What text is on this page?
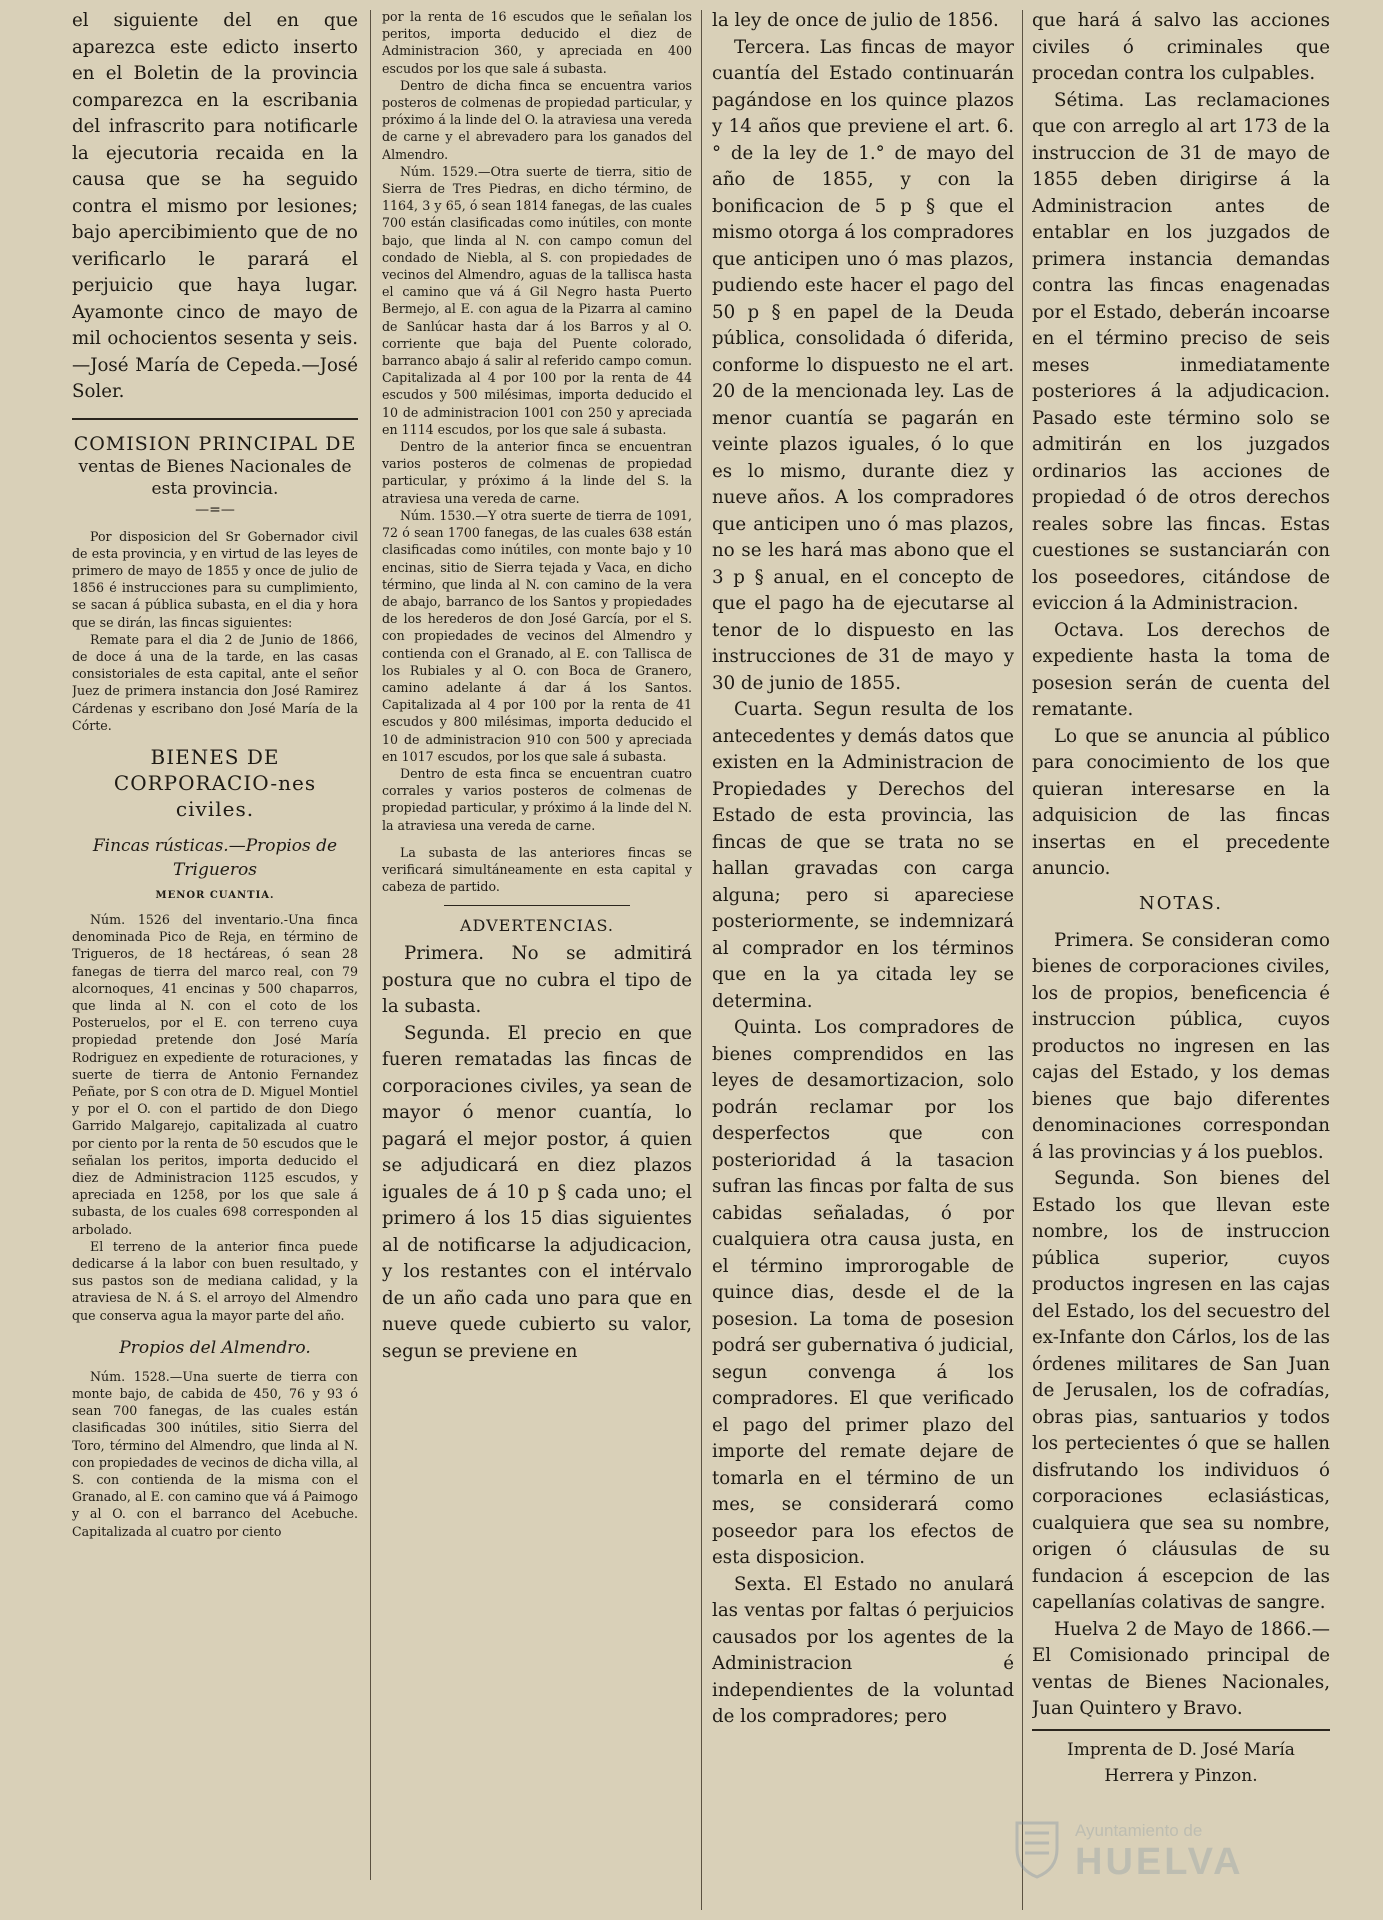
el siguiente del en que aparezca este edicto inserto en el Boletin de la provincia comparezca en la escribania del infrascrito para notificarle la ejecutoria recaida en la causa que se ha seguido contra el mismo por lesiones; bajo apercibimiento que de no verificarlo le parará el perjuicio que haya lugar. Ayamonte cinco de mayo de mil ochocientos sesenta y seis.—José María de Cepeda.—José Soler.

COMISION PRINCIPAL DE
ventas de Bienes Nacionales de esta provincia.
—=—

Por disposicion del Sr Gobernador civil de esta provincia, y en virtud de las leyes de primero de mayo de 1855 y once de julio de 1856 é instrucciones para su cumplimiento, se sacan á pública subasta, en el dia y hora que se dirán, las fincas siguientes:

Remate para el dia 2 de Junio de 1866, de doce á una de la tarde, en las casas consistoriales de esta capital, ante el señor Juez de primera instancia don José Ramirez Cárdenas y escribano don José María de la Córte.

BIENES DE CORPORACIO-nes civiles.
Fincas rústicas.—Propios de Trigueros
MENOR CUANTIA.

Núm. 1526 del inventario.-Una finca denominada Pico de Reja, en término de Trigueros, de 18 hectáreas, ó sean 28 fanegas de tierra del marco real, con 79 alcornoques, 41 encinas y 500 chaparros, que linda al N. con el coto de los Posteruelos, por el E. con terreno cuya propiedad pretende don José María Rodriguez en expediente de roturaciones, y suerte de tierra de Antonio Fernandez Peñate, por S con otra de D. Miguel Montiel y por el O. con el partido de don Diego Garrido Malgarejo, capitalizada al cuatro por ciento por la renta de 50 escudos que le señalan los peritos, importa deducido el diez de Administracion 1125 escudos, y apreciada en 1258, por los que sale á subasta, de los cuales 698 corresponden al arbolado.

El terreno de la anterior finca puede dedicarse á la labor con buen resultado, y sus pastos son de mediana calidad, y la atraviesa de N. á S. el arroyo del Almendro que conserva agua la mayor parte del año.

Propios del Almendro.

Núm. 1528.—Una suerte de tierra con monte bajo, de cabida de 450, 76 y 93 ó sean 700 fanegas, de las cuales están clasificadas 300 inútiles, sitio Sierra del Toro, término del Almendro, que linda al N. con propiedades de vecinos de dicha villa, al S. con contienda de la misma con el Granado, al E. con camino que vá á Paimogo y al O. con el barranco del Acebuche. Capitalizada al cuatro por ciento

por la renta de 16 escudos que le señalan los peritos, importa deducido el diez de Administracion 360, y apreciada en 400 escudos por los que sale á subasta.

Dentro de dicha finca se encuentra varios posteros de colmenas de propiedad particular, y próximo á la linde del O. la atraviesa una vereda de carne y el abrevadero para los ganados del Almendro.

Núm. 1529.—Otra suerte de tierra, sitio de Sierra de Tres Piedras, en dicho término, de 1164, 3 y 65, ó sean 1814 fanegas, de las cuales 700 están clasificadas como inútiles, con monte bajo, que linda al N. con campo comun del condado de Niebla, al S. con propiedades de vecinos del Almendro, aguas de la tallisca hasta el camino que vá á Gil Negro hasta Puerto Bermejo, al E. con agua de la Pizarra al camino de Sanlúcar hasta dar á los Barros y al O. corriente que baja del Puente colorado, barranco abajo á salir al referido campo comun. Capitalizada al 4 por 100 por la renta de 44 escudos y 500 milésimas, importa deducido el 10 de administracion 1001 con 250 y apreciada en 1114 escudos, por los que sale á subasta.

Dentro de la anterior finca se encuentran varios posteros de colmenas de propiedad particular, y próximo á la linde del S. la atraviesa una vereda de carne.

Núm. 1530.—Y otra suerte de tierra de 1091, 72 ó sean 1700 fanegas, de las cuales 638 están clasificadas como inútiles, con monte bajo y 10 encinas, sitio de Sierra tejada y Vaca, en dicho término, que linda al N. con camino de la vera de abajo, barranco de los Santos y propiedades de los herederos de don José García, por el S. con propiedades de vecinos del Almendro y contienda con el Granado, al E. con Tallisca de los Rubiales y al O. con Boca de Granero, camino adelante á dar á los Santos. Capitalizada al 4 por 100 por la renta de 41 escudos y 800 milésimas, importa deducido el 10 de administracion 910 con 500 y apreciada en 1017 escudos, por los que sale á subasta.

Dentro de esta finca se encuentran cuatro corrales y varios posteros de colmenas de propiedad particular, y próximo á la linde del N. la atraviesa una vereda de carne.

La subasta de las anteriores fincas se verificará simultáneamente en esta capital y cabeza de partido.

ADVERTENCIAS.

Primera. No se admitirá postura que no cubra el tipo de la subasta.

Segunda. El precio en que fueren rematadas las fincas de corporaciones civiles, ya sean de mayor ó menor cuantía, lo pagará el mejor postor, á quien se adjudicará en diez plazos iguales de á 10 p § cada uno; el primero á los 15 dias siguientes al de notificarse la adjudicacion, y los restantes con el intérvalo de un año cada uno para que en nueve quede cubierto su valor, segun se previene en

la ley de once de julio de 1856.

Tercera. Las fincas de mayor cuantía del Estado continuarán pagándose en los quince plazos y 14 años que previene el art. 6.° de la ley de 1.° de mayo del año de 1855, y con la bonificacion de 5 p § que el mismo otorga á los compradores que anticipen uno ó mas plazos, pudiendo este hacer el pago del 50 p § en papel de la Deuda pública, consolidada ó diferida, conforme lo dispuesto ne el art. 20 de la mencionada ley. Las de menor cuantía se pagarán en veinte plazos iguales, ó lo que es lo mismo, durante diez y nueve años. A los compradores que anticipen uno ó mas plazos, no se les hará mas abono que el 3 p § anual, en el concepto de que el pago ha de ejecutarse al tenor de lo dispuesto en las instrucciones de 31 de mayo y 30 de junio de 1855.

Cuarta. Segun resulta de los antecedentes y demás datos que existen en la Administracion de Propiedades y Derechos del Estado de esta provincia, las fincas de que se trata no se hallan gravadas con carga alguna; pero si apareciese posteriormente, se indemnizará al comprador en los términos que en la ya citada ley se determina.

Quinta. Los compradores de bienes comprendidos en las leyes de desamortizacion, solo podrán reclamar por los desperfectos que con posterioridad á la tasacion sufran las fincas por falta de sus cabidas señaladas, ó por cualquiera otra causa justa, en el término improrogable de quince dias, desde el de la posesion. La toma de posesion podrá ser gubernativa ó judicial, segun convenga á los compradores. El que verificado el pago del primer plazo del importe del remate dejare de tomarla en el término de un mes, se considerará como poseedor para los efectos de esta disposicion.

Sexta. El Estado no anulará las ventas por faltas ó perjuicios causados por los agentes de la Administracion é independientes de la voluntad de los compradores; pero

que hará á salvo las acciones civiles ó criminales que procedan contra los culpables.

Sétima. Las reclamaciones que con arreglo al art 173 de la instruccion de 31 de mayo de 1855 deben dirigirse á la Administracion antes de entablar en los juzgados de primera instancia demandas contra las fincas enagenadas por el Estado, deberán incoarse en el término preciso de seis meses inmediatamente posteriores á la adjudicacion. Pasado este término solo se admitirán en los juzgados ordinarios las acciones de propiedad ó de otros derechos reales sobre las fincas. Estas cuestiones se sustanciarán con los poseedores, citándose de eviccion á la Administracion.

Octava. Los derechos de expediente hasta la toma de posesion serán de cuenta del rematante.

Lo que se anuncia al público para conocimiento de los que quieran interesarse en la adquisicion de las fincas insertas en el precedente anuncio.

NOTAS.

Primera. Se consideran como bienes de corporaciones civiles, los de propios, beneficencia é instruccion pública, cuyos productos no ingresen en las cajas del Estado, y los demas bienes que bajo diferentes denominaciones correspondan á las provincias y á los pueblos.

Segunda. Son bienes del Estado los que llevan este nombre, los de instruccion pública superior, cuyos productos ingresen en las cajas del Estado, los del secuestro del ex-Infante don Cárlos, los de las órdenes militares de San Juan de Jerusalen, los de cofradías, obras pias, santuarios y todos los pertecientes ó que se hallen disfrutando los individuos ó corporaciones eclasiásticas, cualquiera que sea su nombre, origen ó cláusulas de su fundacion á escepcion de las capellanías colativas de sangre.

Huelva 2 de Mayo de 1866.—El Comisionado principal de ventas de Bienes Nacionales, Juan Quintero y Bravo.

Imprenta de D. José María Herrera y Pinzon.
Ayuntamiento de
HUELVA
